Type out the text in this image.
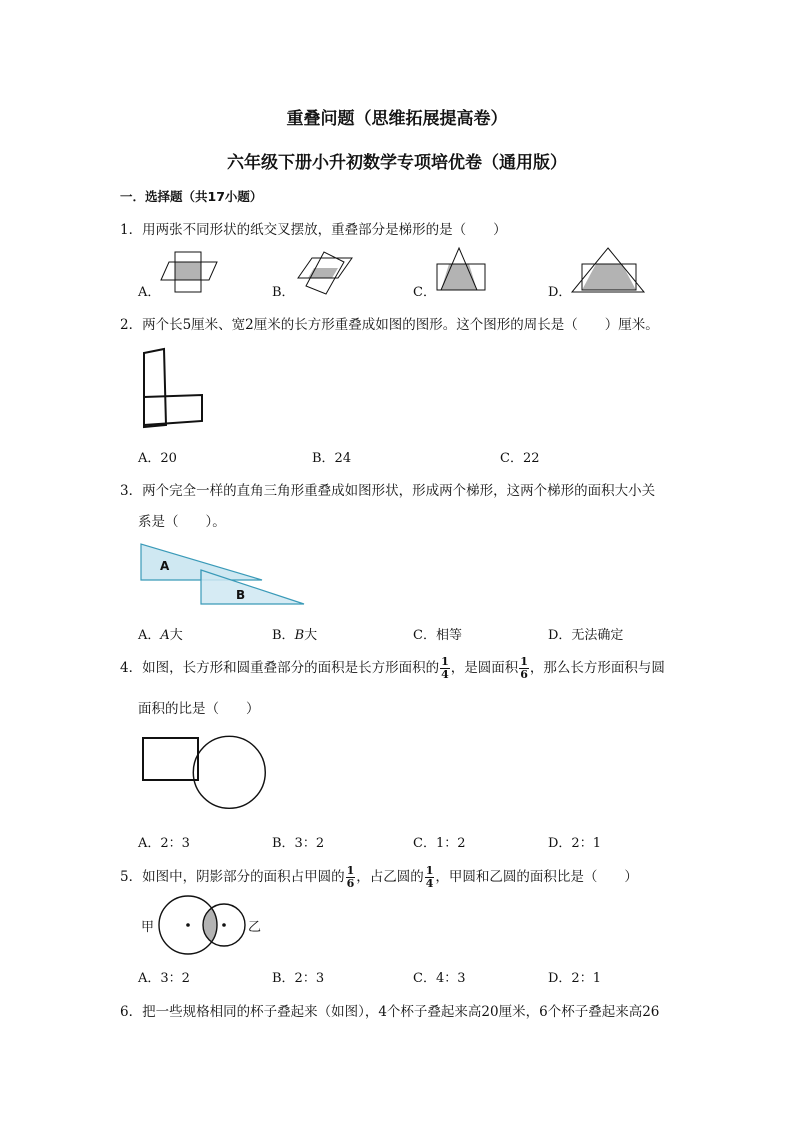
重叠问题（思维拓展提高卷）
六年级下册小升初数学专项培优卷（通用版）
一．选择题（共17小题）
1．用两张不同形状的纸交叉摆放，重叠部分是梯形的是（　　）
A．	B．	C．	D．
2．两个长5厘米、宽2厘米的长方形重叠成如图的图形。这个图形的周长是（　　）厘米。
A．20	B．24	C．22
3．两个完全一样的直角三角形重叠成如图形状，形成两个梯形，这两个梯形的面积大小关
系是（　　）。
A
B
A．A大	B．B大	C．相等	D．无法确定
4．如图，长方形和圆重叠部分的面积是长方形面积的 $\frac{1}{4}$ ，是圆面积 $\frac{1}{6}$ ，那么长方形面积与圆
面积的比是（　　）
A．2：3	B．3：2	C．1：2	D．2：1
5．如图中，阴影部分的面积占甲圆的 $\frac{1}{6}$ ，占乙圆的 $\frac{1}{4}$ ，甲圆和乙圆的面积比是（　　）
甲	乙
A．3：2	B．2：3	C．4：3	D．2：1
6．把一些规格相同的杯子叠起来（如图），4个杯子叠起来高20厘米，6个杯子叠起来高26
